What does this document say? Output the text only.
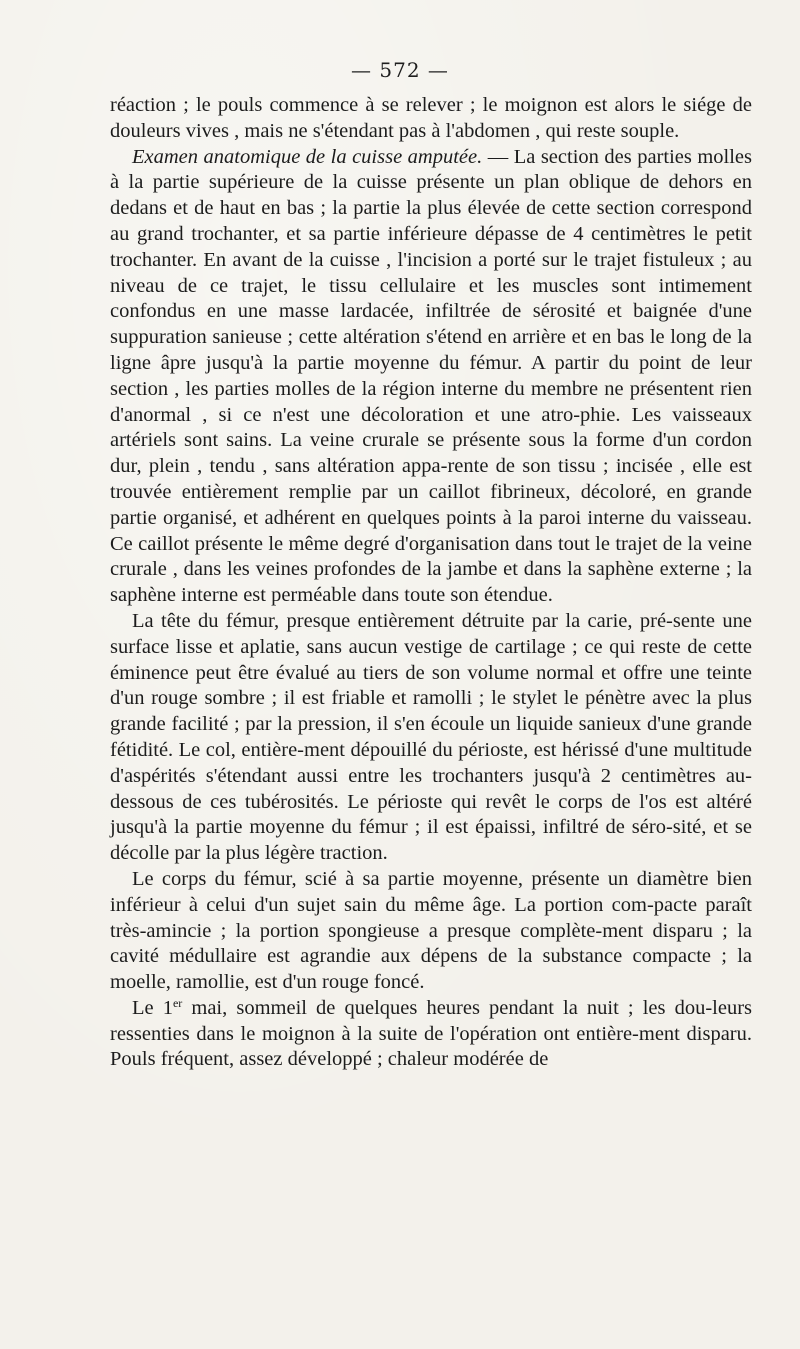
— 572 —

réaction ; le pouls commence à se relever ; le moignon est alors le siége de douleurs vives , mais ne s'étendant pas à l'abdomen , qui reste souple.

Examen anatomique de la cuisse amputée. — La section des parties molles à la partie supérieure de la cuisse présente un plan oblique de dehors en dedans et de haut en bas ; la partie la plus élevée de cette section correspond au grand trochanter, et sa partie inférieure dépasse de 4 centimètres le petit trochanter. En avant de la cuisse , l'incision a porté sur le trajet fistuleux ; au niveau de ce trajet, le tissu cellulaire et les muscles sont intimement confondus en une masse lardacée, infiltrée de sérosité et baignée d'une suppuration sanieuse ; cette altération s'étend en arrière et en bas le long de la ligne âpre jusqu'à la partie moyenne du fémur. A partir du point de leur section , les parties molles de la région interne du membre ne présentent rien d'anormal , si ce n'est une décoloration et une atro-phie. Les vaisseaux artériels sont sains. La veine crurale se présente sous la forme d'un cordon dur, plein , tendu , sans altération appa-rente de son tissu ; incisée , elle est trouvée entièrement remplie par un caillot fibrineux, décoloré, en grande partie organisé, et adhérent en quelques points à la paroi interne du vaisseau. Ce caillot présente le même degré d'organisation dans tout le trajet de la veine crurale , dans les veines profondes de la jambe et dans la saphène externe ; la saphène interne est perméable dans toute son étendue.

La tête du fémur, presque entièrement détruite par la carie, pré-sente une surface lisse et aplatie, sans aucun vestige de cartilage ; ce qui reste de cette éminence peut être évalué au tiers de son volume normal et offre une teinte d'un rouge sombre ; il est friable et ramolli ; le stylet le pénètre avec la plus grande facilité ; par la pression, il s'en écoule un liquide sanieux d'une grande fétidité. Le col, entière-ment dépouillé du périoste, est hérissé d'une multitude d'aspérités s'étendant aussi entre les trochanters jusqu'à 2 centimètres au-dessous de ces tubérosités. Le périoste qui revêt le corps de l'os est altéré jusqu'à la partie moyenne du fémur ; il est épaissi, infiltré de séro-sité, et se décolle par la plus légère traction.

Le corps du fémur, scié à sa partie moyenne, présente un diamètre bien inférieur à celui d'un sujet sain du même âge. La portion com-pacte paraît très-amincie ; la portion spongieuse a presque complète-ment disparu ; la cavité médullaire est agrandie aux dépens de la substance compacte ; la moelle, ramollie, est d'un rouge foncé.

Le 1er mai, sommeil de quelques heures pendant la nuit ; les dou-leurs ressenties dans le moignon à la suite de l'opération ont entière-ment disparu. Pouls fréquent, assez développé ; chaleur modérée de
